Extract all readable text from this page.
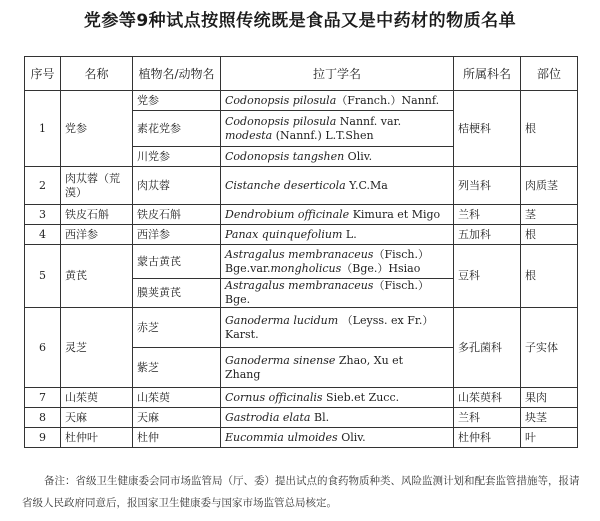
党参等9种试点按照传统既是食品又是中药材的物质名单
序号	名称	植物名/动物名	拉丁学名	所属科名	部位
1	党参	党参	Codonopsis pilosula（Franch.）Nannf.	桔梗科	根
		素花党参	Codonopsis pilosula Nannf. var.
modesta (Nannf.) L.T.Shen		
		川党参	Codonopsis tangshen Oliv.		
2	肉苁蓉（荒漠）	肉苁蓉	Cistanche deserticola Y.C.Ma	列当科	肉质茎
3	铁皮石斛	铁皮石斛	Dendrobium officinale Kimura et Migo	兰科	茎
4	西洋参	西洋参	Panax quinquefolium L.	五加科	根
5	黄芪	蒙古黄芪	Astragalus membranaceus（Fisch.）
Bge.var.mongholicus（Bge.）Hsiao	豆科	根
		膜荚黄芪	Astragalus membranaceus（Fisch.）Bge.		
6	灵芝	赤芝	Ganoderma lucidum （Leyss. ex Fr.）
Karst.	多孔菌科	子实体
		紫芝	Ganoderma sinense Zhao, Xu et
Zhang		
7	山茱萸	山茱萸	Cornus officinalis Sieb.et Zucc.	山茱萸科	果肉
8	天麻	天麻	Gastrodia elata Bl.	兰科	块茎
9	杜仲叶	杜仲	Eucommia ulmoides Oliv.	杜仲科	叶
备注：省级卫生健康委会同市场监管局（厅、委）提出试点的食药物质种类、风险监测计划和配套监管措施等，报请省级人民政府同意后，报国家卫生健康委与国家市场监管总局核定。
